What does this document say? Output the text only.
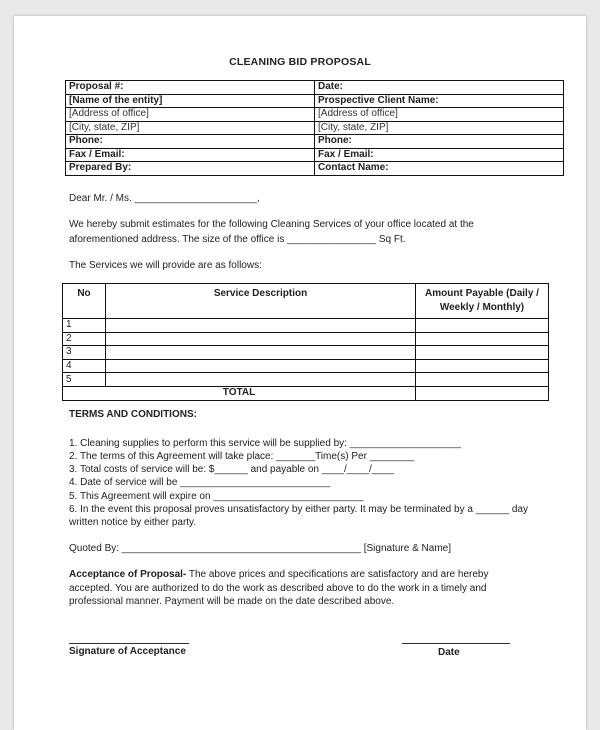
CLEANING BID PROPOSAL
Proposal #:	Date:
[Name of the entity]	Prospective Client Name:
[Address of office]	[Address of office]
[City, state, ZIP]	[City, state, ZIP]
Phone:	Phone:
Fax / Email:	Fax / Email:
Prepared By:	Contact Name:
Dear Mr. / Ms. ______________________,
We hereby submit estimates for the following Cleaning Services of your office located at the
aforementioned address. The size of the office is ________________ Sq Ft.
The Services we will provide are as follows:
No	Service Description	Amount Payable (Daily /
Weekly / Monthly)
1		
2		
3		
4		
5		
TOTAL		
TERMS AND CONDITIONS:
1. Cleaning supplies to perform this service will be supplied by: ____________________
2. The terms of this Agreement will take place: _______Time(s) Per ________
3. Total costs of service will be: $______ and payable on ____/____/____
4. Date of service will be ___________________________
5. This Agreement will expire on ___________________________
6. In the event this proposal proves unsatisfactory by either party. It may be terminated by a ______ day
written notice by either party.
Quoted By: ___________________________________________ [Signature & Name]
Acceptance of Proposal- The above prices and specifications are satisfactory and are hereby
accepted. You are authorized to do the work as described above to do the work in a timely and
professional manner. Payment will be made on the date described above.
Signature of Acceptance	Date
